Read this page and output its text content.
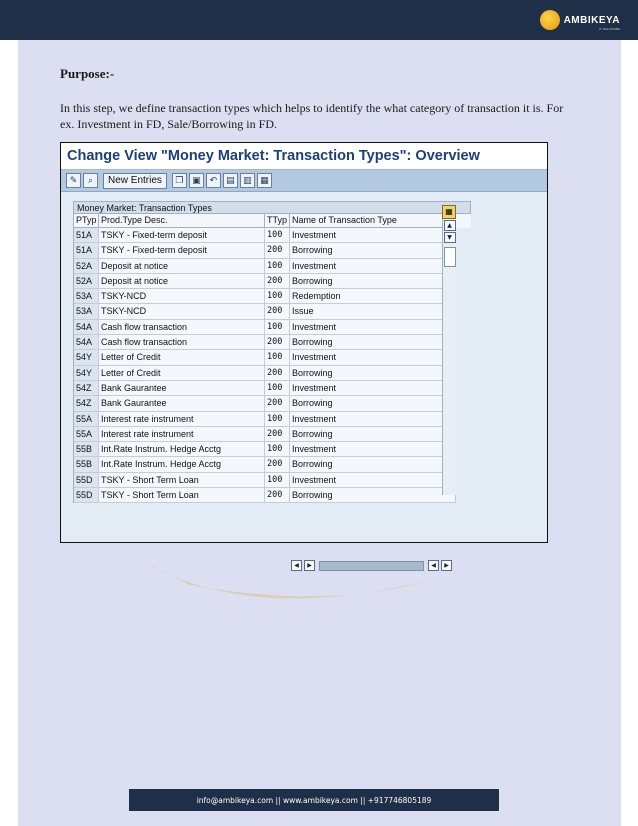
AMBIKEYA
IT SOLUTIONS
Purpose:-
In this step, we define transaction types which helps to identify the what category of transaction it is. For ex. Investment in FD, Sale/Borrowing in FD.
Change View "Money Market: Transaction Types": Overview
✎	⌕	New Entries	❐ ▣ ↶ ▤ ▥ ▦
Money Market: Transaction Types
PTyp Prod.Type Desc.	TTyp Name of Transaction Type
51A TSKY - Fixed-term deposit	100	Investment
51A TSKY - Fixed-term deposit	200	Borrowing
52A Deposit at notice	100	Investment
52A Deposit at notice	200	Borrowing
53A TSKY-NCD	100	Redemption
53A TSKY-NCD	200	Issue
54A Cash flow transaction	100	Investment
54A Cash flow transaction	200	Borrowing
54Y Letter of Credit	100	Investment
54Y Letter of Credit	200	Borrowing
54Z	Bank Gaurantee	100	Investment
54Z	Bank Gaurantee	200	Borrowing
55A Interest rate instrument	100	Investment
55A Interest rate instrument	200	Borrowing
55B Int.Rate Instrum. Hedge Acctg	100	Investment
55B Int.Rate Instrum. Hedge Acctg	200	Borrowing
55D TSKY - Short Term Loan	100	Investment
55D TSKY - Short Term Loan	200	Borrowing
▦
▲
▼
◀	▶	◀	▶
info@ambikeya.com || www.ambikeya.com || +917746805189
